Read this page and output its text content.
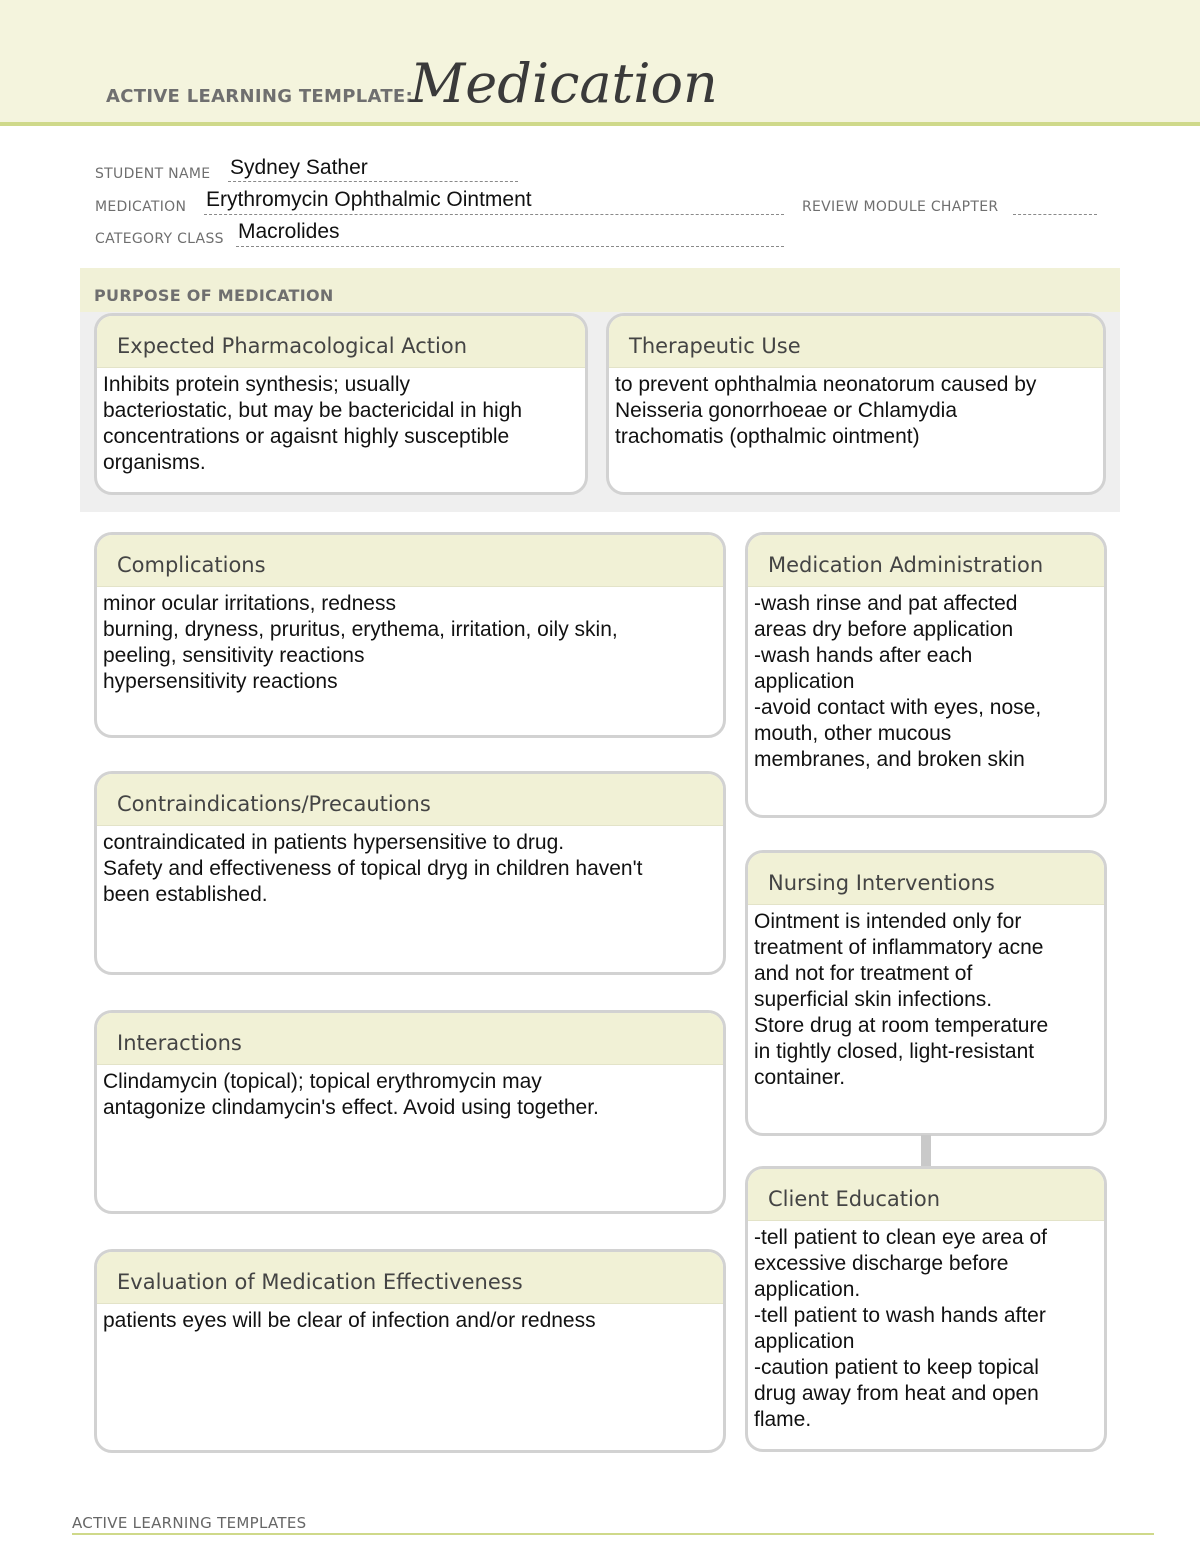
ACTIVE LEARNING TEMPLATE:
Medication
STUDENT NAME Sydney Sather
MEDICATION Erythromycin Ophthalmic Ointment	REVIEW MODULE CHAPTER
CATEGORY CLASS Macrolides
PURPOSE OF MEDICATION
Expected Pharmacological Action
Inhibits protein synthesis; usually
bacteriostatic, but may be bactericidal in high
concentrations or agaisnt highly susceptible
organisms.
Therapeutic Use
to prevent ophthalmia neonatorum caused by
Neisseria gonorrhoeae or Chlamydia
trachomatis (opthalmic ointment)
Complications
minor ocular irritations, redness
burning, dryness, pruritus, erythema, irritation, oily skin,
peeling, sensitivity reactions
hypersensitivity reactions
Contraindications/Precautions
contraindicated in patients hypersensitive to drug.
Safety and effectiveness of topical dryg in children haven't
been established.
Interactions
Clindamycin (topical); topical erythromycin may
antagonize clindamycin's effect. Avoid using together.
Evaluation of Medication Effectiveness
patients eyes will be clear of infection and/or redness
Medication Administration
-wash rinse and pat affected
areas dry before application
-wash hands after each
application
-avoid contact with eyes, nose,
mouth, other mucous
membranes, and broken skin
Nursing Interventions
Ointment is intended only for
treatment of inflammatory acne
and not for treatment of
superficial skin infections.
Store drug at room temperature
in tightly closed, light-resistant
container.
Client Education
-tell patient to clean eye area of
excessive discharge before
application.
-tell patient to wash hands after
application
-caution patient to keep topical
drug away from heat and open
flame.
ACTIVE LEARNING TEMPLATES
